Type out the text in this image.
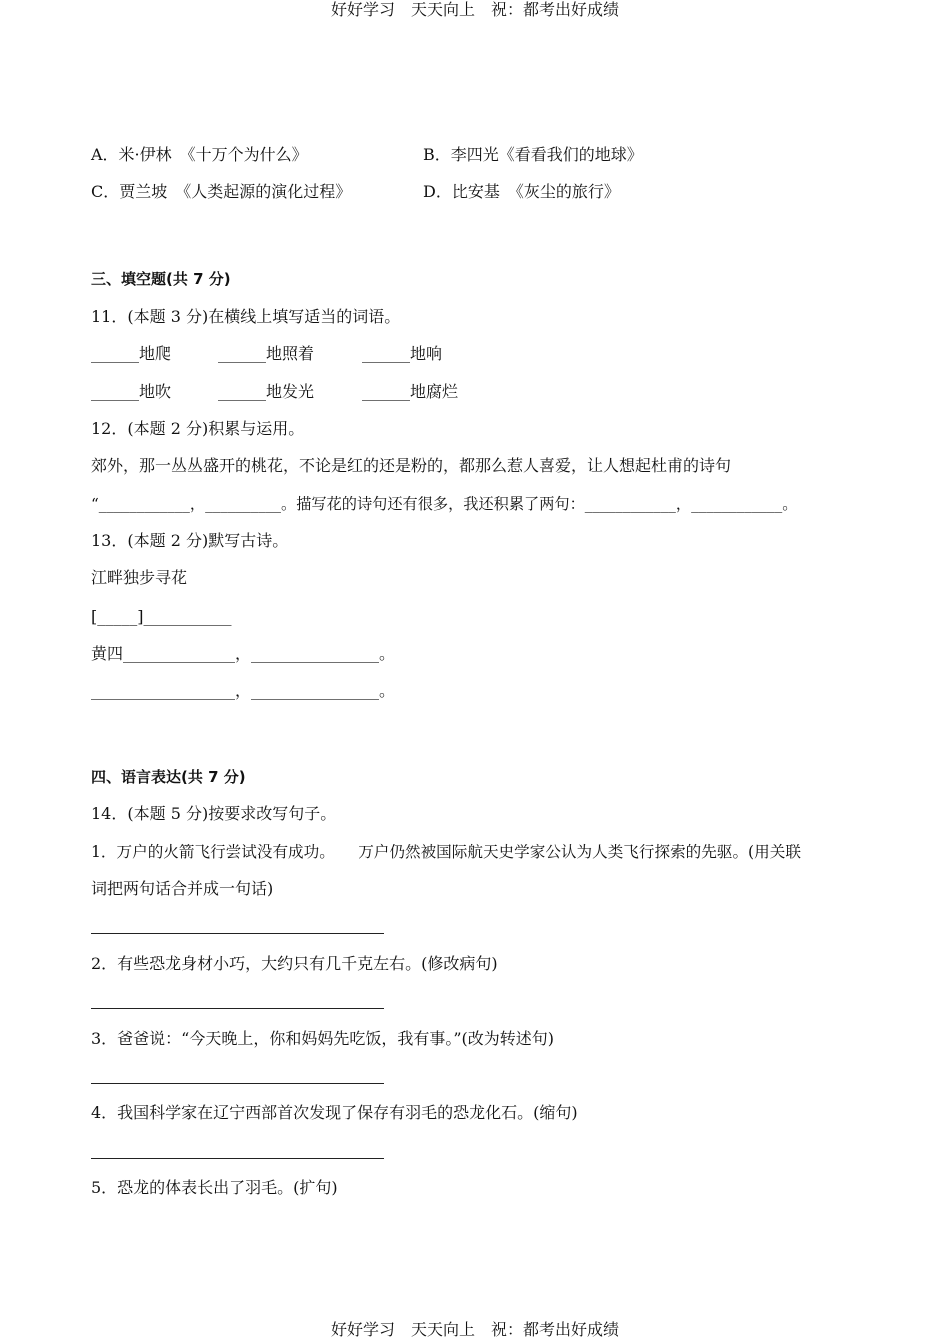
好好学习　天天向上　祝：都考出好成绩
A．米·伊林　《十万个为什么》	B．李四光《看看我们的地球》
C．贾兰坡　《人类起源的演化过程》	D．比安基　《灰尘的旅行》
三、填空题(共 7 分)
11．(本题 3 分)在横线上填写适当的词语。
______地爬	______地照着	______地响
______地吹	______地发光	______地腐烂
12．(本题 2 分)积累与运用。
郊外，那一丛丛盛开的桃花，不论是红的还是粉的，都那么惹人喜爱，让人想起杜甫的诗句
“____________，__________。描写花的诗句还有很多，我还积累了两句：____________，____________。
13．(本题 2 分)默写古诗。
江畔独步寻花
[_____]___________
黄四______________，________________。
__________________，________________。
四、语言表达(共 7 分)
14．(本题 5 分)按要求改写句子。
1．万户的火箭飞行尝试没有成功。　　万户仍然被国际航天史学家公认为人类飞行探索的先驱。(用关联
词把两句话合并成一句话)
2．有些恐龙身材小巧，大约只有几千克左右。(修改病句)
3．爸爸说：“今天晚上，你和妈妈先吃饭，我有事。”(改为转述句)
4．我国科学家在辽宁西部首次发现了保存有羽毛的恐龙化石。(缩句)
5．恐龙的体表长出了羽毛。(扩句)
好好学习　天天向上　祝：都考出好成绩
